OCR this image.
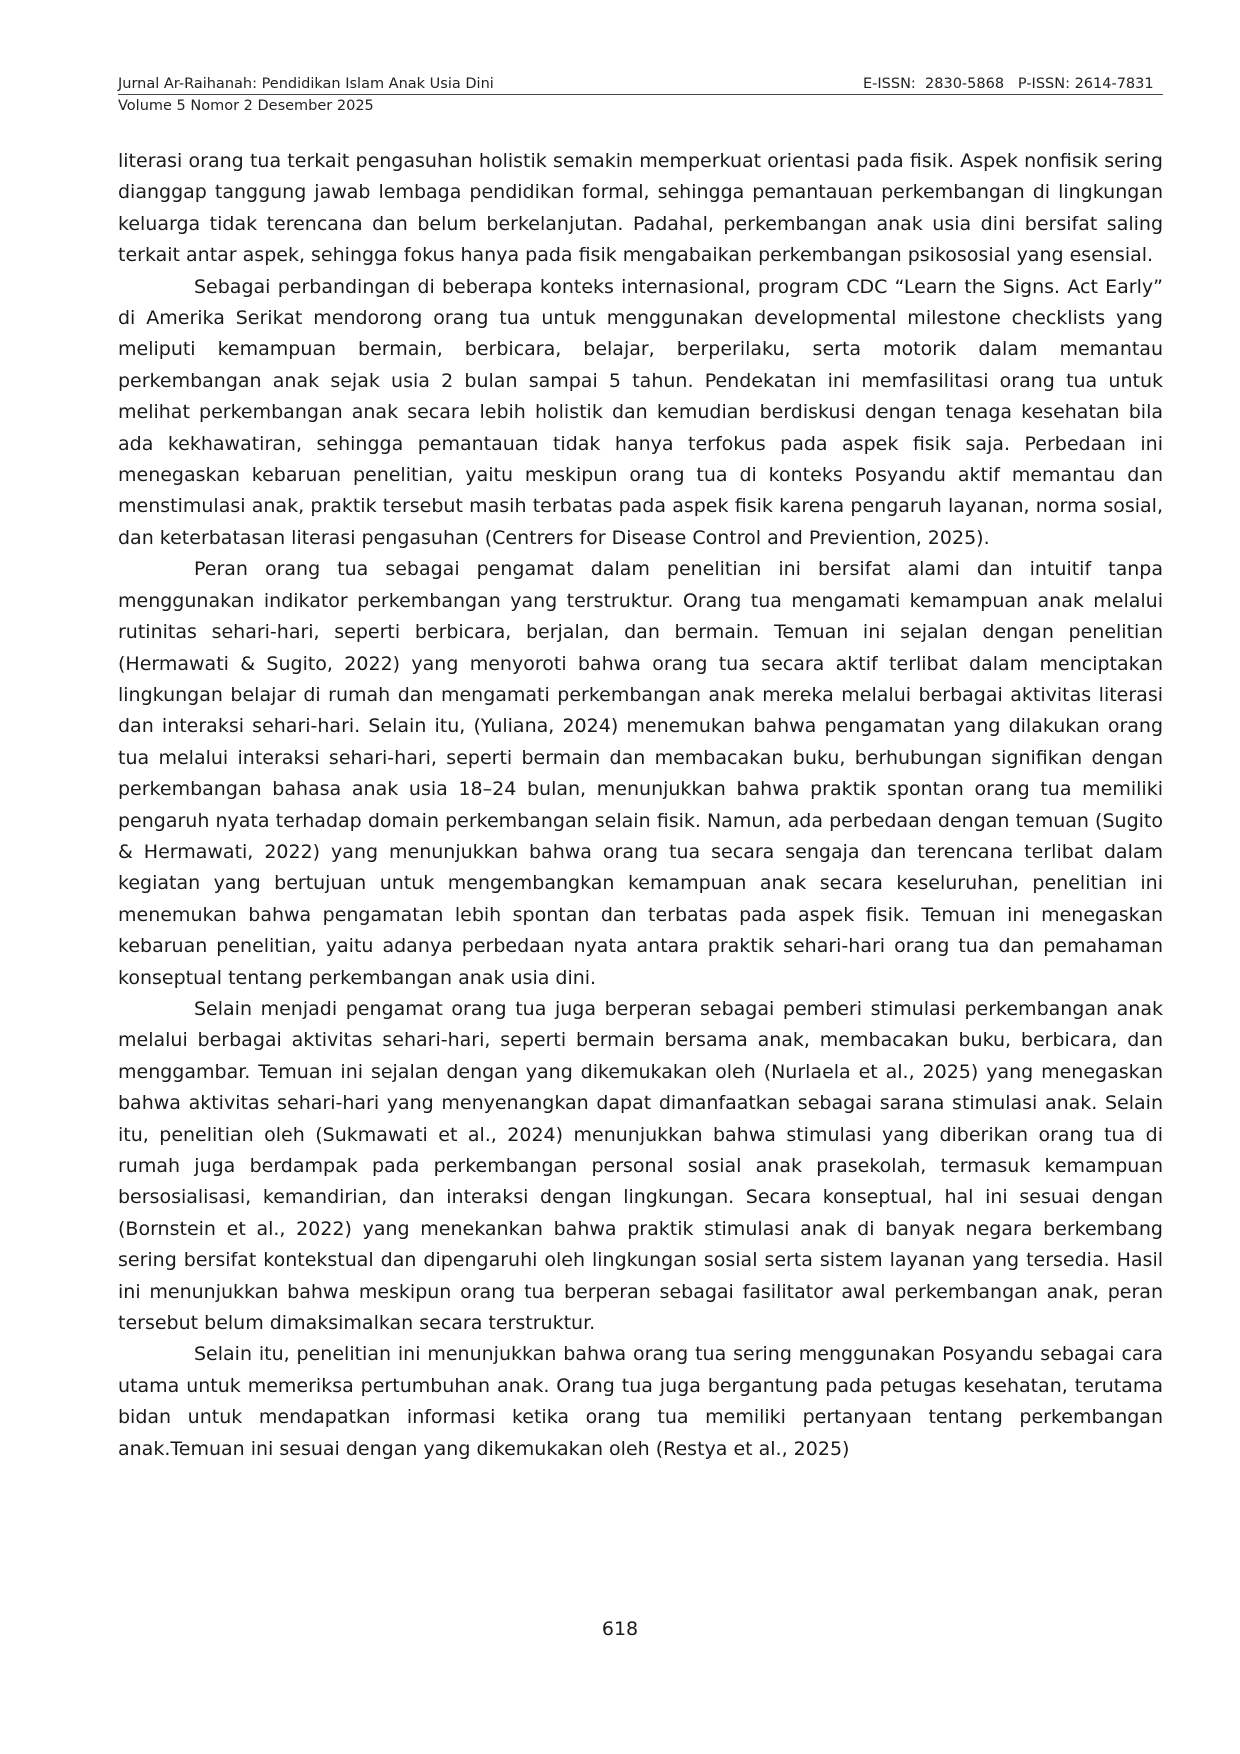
Jurnal Ar-Raihanah: Pendidikan Islam Anak Usia Dini	E-ISSN:  2830-5868   P-ISSN: 2614-7831
Volume 5 Nomor 2 Desember 2025

literasi orang tua terkait pengasuhan holistik semakin memperkuat orientasi pada fisik. Aspek nonfisik sering dianggap tanggung jawab lembaga pendidikan formal, sehingga pemantauan perkembangan di lingkungan keluarga tidak terencana dan belum berkelanjutan. Padahal, perkembangan anak usia dini bersifat saling terkait antar aspek, sehingga fokus hanya pada fisik mengabaikan perkembangan psikososial yang esensial.

Sebagai perbandingan di beberapa konteks internasional, program CDC “Learn the Signs. Act Early” di Amerika Serikat mendorong orang tua untuk menggunakan developmental milestone checklists yang meliputi kemampuan bermain, berbicara, belajar, berperilaku, serta motorik dalam memantau perkembangan anak sejak usia 2 bulan sampai 5 tahun. Pendekatan ini memfasilitasi orang tua untuk melihat perkembangan anak secara lebih holistik dan kemudian berdiskusi dengan tenaga kesehatan bila ada kekhawatiran, sehingga pemantauan tidak hanya terfokus pada aspek fisik saja. Perbedaan ini menegaskan kebaruan penelitian, yaitu meskipun orang tua di konteks Posyandu aktif memantau dan menstimulasi anak, praktik tersebut masih terbatas pada aspek fisik karena pengaruh layanan, norma sosial, dan keterbatasan literasi pengasuhan (Centrers for Disease Control and Previention, 2025).

Peran orang tua sebagai pengamat dalam penelitian ini bersifat alami dan intuitif tanpa menggunakan indikator perkembangan yang terstruktur. Orang tua mengamati kemampuan anak melalui rutinitas sehari-hari, seperti berbicara, berjalan, dan bermain. Temuan ini sejalan dengan penelitian (Hermawati & Sugito, 2022) yang menyoroti bahwa orang tua secara aktif terlibat dalam menciptakan lingkungan belajar di rumah dan mengamati perkembangan anak mereka melalui berbagai aktivitas literasi dan interaksi sehari-hari. Selain itu, (Yuliana, 2024) menemukan bahwa pengamatan yang dilakukan orang tua melalui interaksi sehari-hari, seperti bermain dan membacakan buku, berhubungan signifikan dengan perkembangan bahasa anak usia 18–24 bulan, menunjukkan bahwa praktik spontan orang tua memiliki pengaruh nyata terhadap domain perkembangan selain fisik. Namun, ada perbedaan dengan temuan (Sugito & Hermawati, 2022) yang menunjukkan bahwa orang tua secara sengaja dan terencana terlibat dalam kegiatan yang bertujuan untuk mengembangkan kemampuan anak secara keseluruhan, penelitian ini menemukan bahwa pengamatan lebih spontan dan terbatas pada aspek fisik. Temuan ini menegaskan kebaruan penelitian, yaitu adanya perbedaan nyata antara praktik sehari-hari orang tua dan pemahaman konseptual tentang perkembangan anak usia dini.

Selain menjadi pengamat orang tua juga berperan sebagai pemberi stimulasi perkembangan anak melalui berbagai aktivitas sehari-hari, seperti bermain bersama anak, membacakan buku, berbicara, dan menggambar. Temuan ini sejalan dengan yang dikemukakan oleh (Nurlaela et al., 2025) yang menegaskan bahwa aktivitas sehari-hari yang menyenangkan dapat dimanfaatkan sebagai sarana stimulasi anak. Selain itu, penelitian oleh (Sukmawati et al., 2024) menunjukkan bahwa stimulasi yang diberikan orang tua di rumah juga berdampak pada perkembangan personal sosial anak prasekolah, termasuk kemampuan bersosialisasi, kemandirian, dan interaksi dengan lingkungan. Secara konseptual, hal ini sesuai dengan (Bornstein et al., 2022) yang menekankan bahwa praktik stimulasi anak di banyak negara berkembang sering bersifat kontekstual dan dipengaruhi oleh lingkungan sosial serta sistem layanan yang tersedia. Hasil ini menunjukkan bahwa meskipun orang tua berperan sebagai fasilitator awal perkembangan anak, peran tersebut belum dimaksimalkan secara terstruktur.

Selain itu, penelitian ini menunjukkan bahwa orang tua sering menggunakan Posyandu sebagai cara utama untuk memeriksa pertumbuhan anak. Orang tua juga bergantung pada petugas kesehatan, terutama bidan untuk mendapatkan informasi ketika orang tua memiliki pertanyaan tentang perkembangan anak.Temuan ini sesuai dengan yang dikemukakan oleh (Restya et al., 2025)

618
